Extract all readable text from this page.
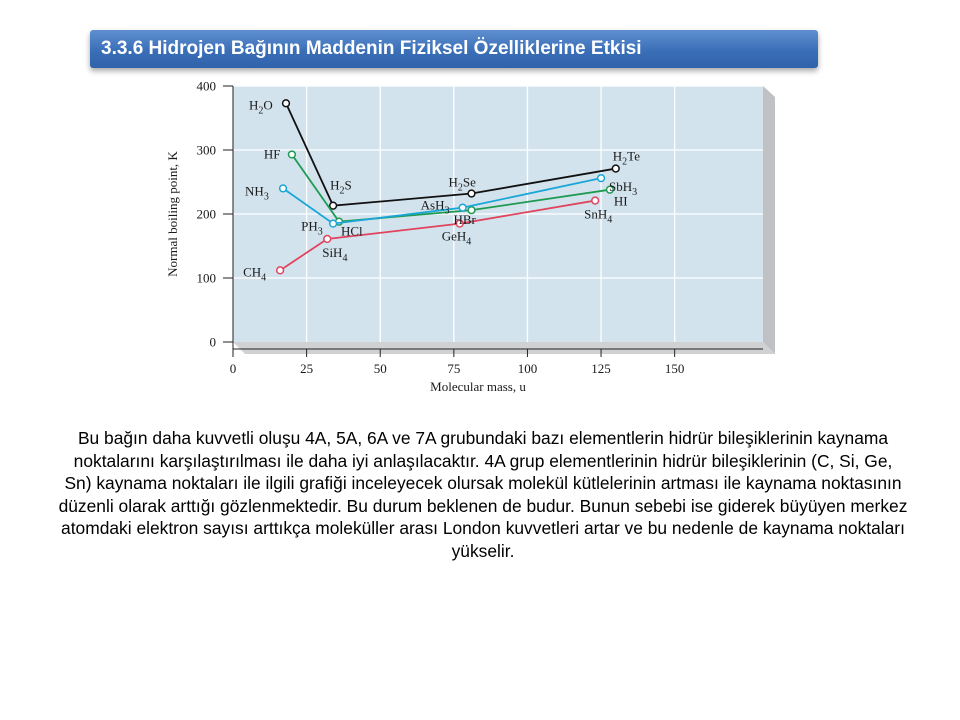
3.3.6 Hidrojen Bağının Maddenin Fiziksel Özelliklerine Etkisi
0
100
200
300
400
0	25	50	75	100	125	150
$H_2O$
$H_2S$	$H_2Se$
$H_2Te$
HF
HCl
HBr
HI
$NH_3$
$PH_3$
AsH$_3$
SbH$_3$
$CH_4$
SiH$_4$
GeH$_4$
SnH$_4$
Molecular mass, u
Normal boiling point, K

Bu bağın daha kuvvetli oluşu 4A, 5A, 6A ve 7A grubundaki bazı elementlerin hidrür bileşiklerinin kaynama noktalarını karşılaştırılması ile daha iyi anlaşılacaktır. 4A grup elementlerinin hidrür bileşiklerinin (C, Si, Ge, Sn) kaynama noktaları ile ilgili grafiği inceleyecek olursak molekül kütlelerinin artması ile kaynama noktasının düzenli olarak arttığı gözlenmektedir. Bu durum beklenen de budur. Bunun sebebi ise giderek büyüyen merkez atomdaki elektron sayısı arttıkça moleküller arası London kuvvetleri artar ve bu nedenle de kaynama noktaları yükselir.
